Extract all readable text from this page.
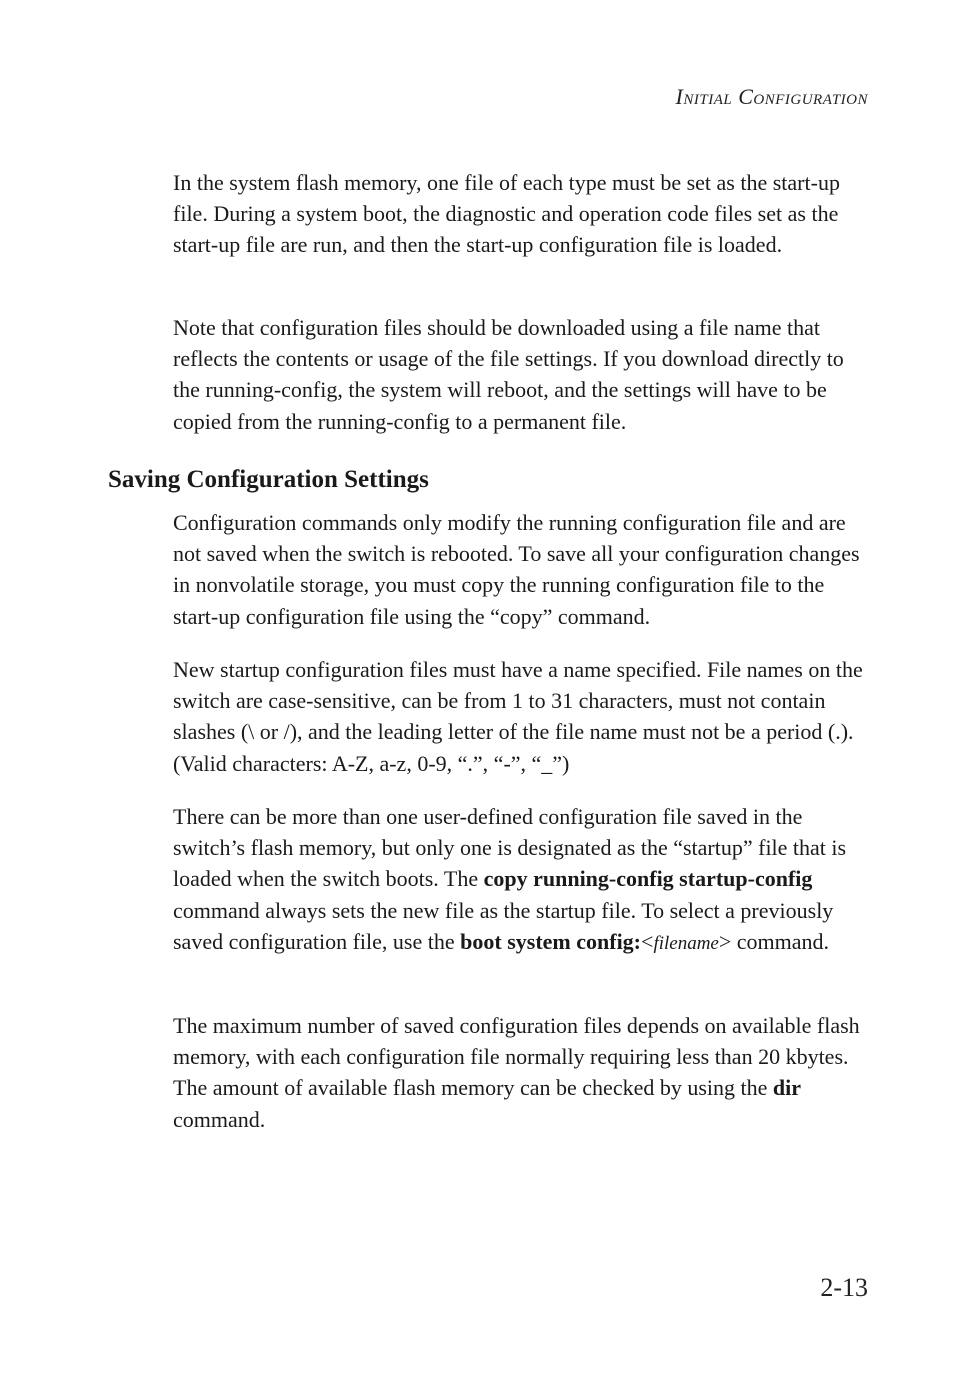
Initial Configuration

In the system flash memory, one file of each type must be set as the start-up file. During a system boot, the diagnostic and operation code files set as the start-up file are run, and then the start-up configuration file is loaded.

Note that configuration files should be downloaded using a file name that reflects the contents or usage of the file settings. If you download directly to the running-config, the system will reboot, and the settings will have to be copied from the running-config to a permanent file.

Saving Configuration Settings

Configuration commands only modify the running configuration file and are not saved when the switch is rebooted. To save all your configuration changes in nonvolatile storage, you must copy the running configuration file to the start-up configuration file using the “copy” command.

New startup configuration files must have a name specified. File names on the switch are case-sensitive, can be from 1 to 31 characters, must not contain slashes (\ or /), and the leading letter of the file name must not be a period (.). (Valid characters: A-Z, a-z, 0-9, “.”, “-”, “_”)

There can be more than one user-defined configuration file saved in the switch’s flash memory, but only one is designated as the “startup” file that is loaded when the switch boots. The copy running-config startup-config command always sets the new file as the startup file. To select a previously saved configuration file, use the boot system config:<filename> command.

The maximum number of saved configuration files depends on available flash memory, with each configuration file normally requiring less than 20 kbytes. The amount of available flash memory can be checked by using the dir command.

2-13
